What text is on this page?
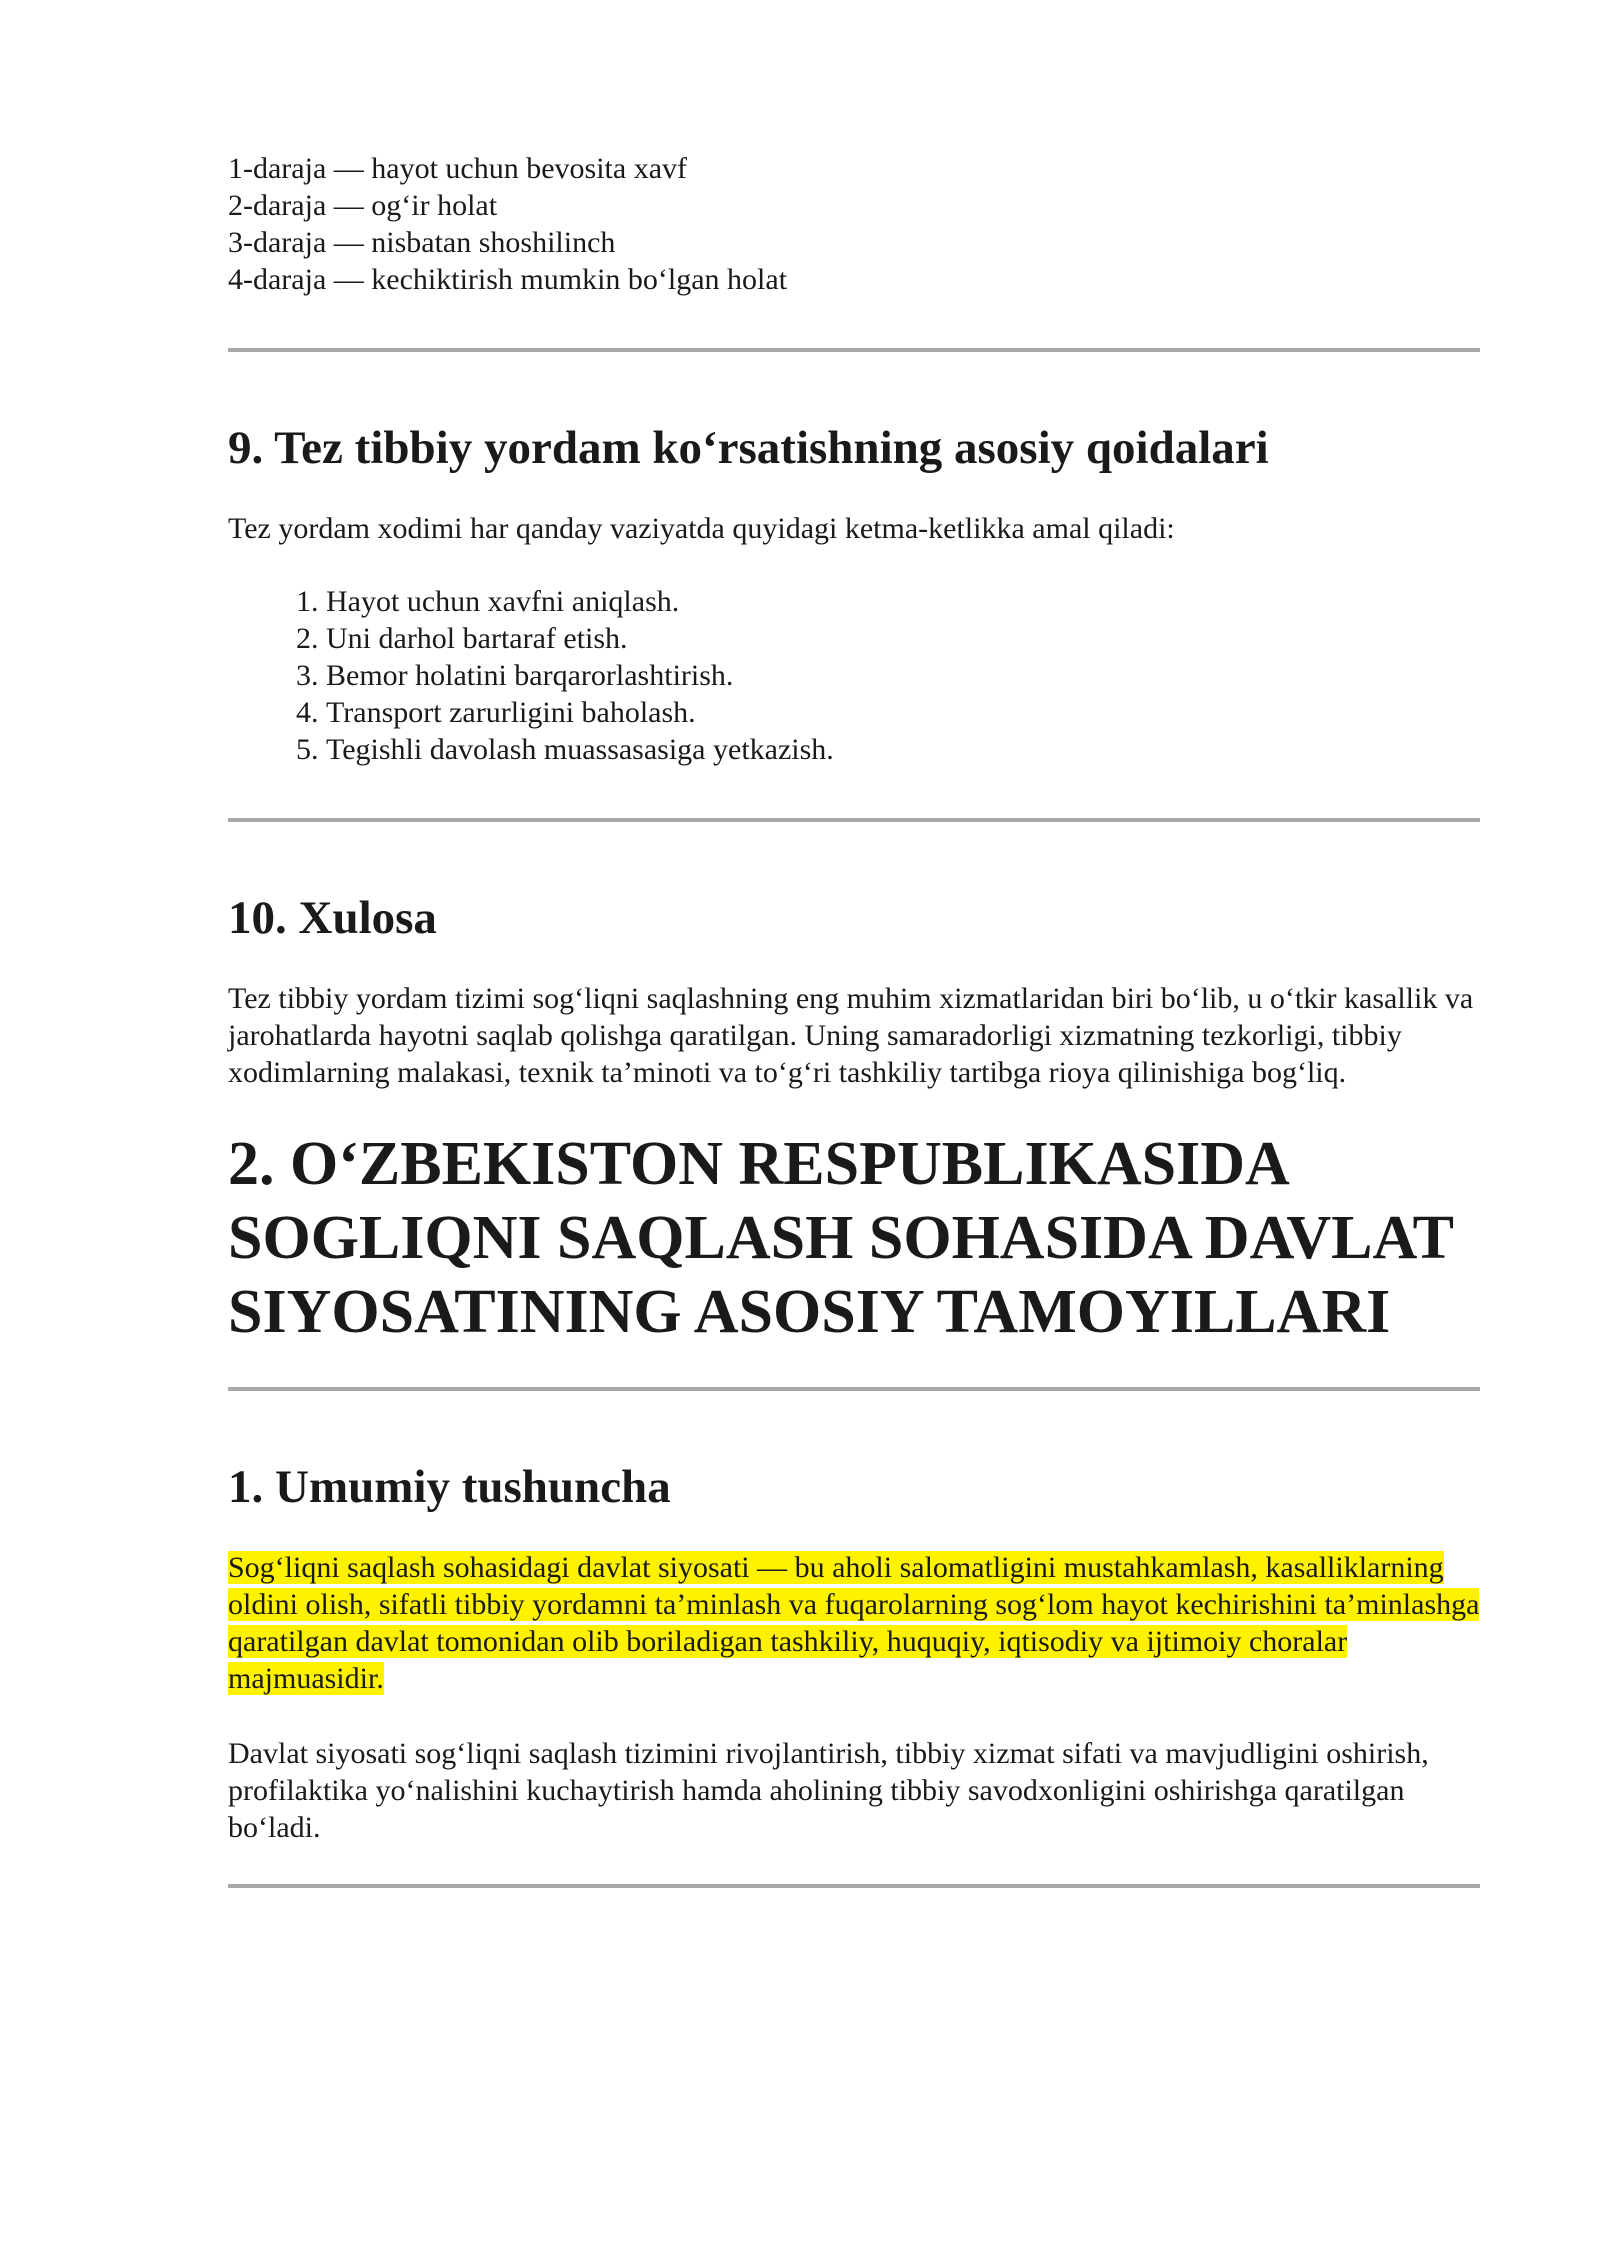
1-daraja — hayot uchun bevosita xavf

2-daraja — og‘ir holat

3-daraja — nisbatan shoshilinch

4-daraja — kechiktirish mumkin bo‘lgan holat

9. Tez tibbiy yordam ko‘rsatishning asosiy qoidalari

Tez yordam xodimi har qanday vaziyatda quyidagi ketma-ketlikka amal qiladi:

1. Hayot uchun xavfni aniqlash.
2. Uni darhol bartaraf etish.
3. Bemor holatini barqarorlashtirish.
4. Transport zarurligini baholash.
5. Tegishli davolash muassasasiga yetkazish.
10. Xulosa

Tez tibbiy yordam tizimi sog‘liqni saqlashning eng muhim xizmatlaridan biri bo‘lib, u o‘tkir kasallik va jarohatlarda hayotni saqlab qolishga qaratilgan. Uning samaradorligi xizmatning tezkorligi, tibbiy xodimlarning malakasi, texnik ta’minoti va to‘g‘ri tashkiliy tartibga rioya qilinishiga bog‘liq.

2. O‘ZBEKISTON RESPUBLIKASIDA SOGLIQNI SAQLASH SOHASIDA DAVLAT SIYOSATINING ASOSIY TAMOYILLARI
1. Umumiy tushuncha

Sog‘liqni saqlash sohasidagi davlat siyosati — bu aholi salomatligini mustahkamlash, kasalliklarning oldini olish, sifatli tibbiy yordamni ta’minlash va fuqarolarning sog‘lom hayot kechirishini ta’minlashga qaratilgan davlat tomonidan olib boriladigan tashkiliy, huquqiy, iqtisodiy va ijtimoiy choralar majmuasidir.

Davlat siyosati sog‘liqni saqlash tizimini rivojlantirish, tibbiy xizmat sifati va mavjudligini oshirish, profilaktika yo‘nalishini kuchaytirish hamda aholining tibbiy savodxonligini oshirishga qaratilgan bo‘ladi.
